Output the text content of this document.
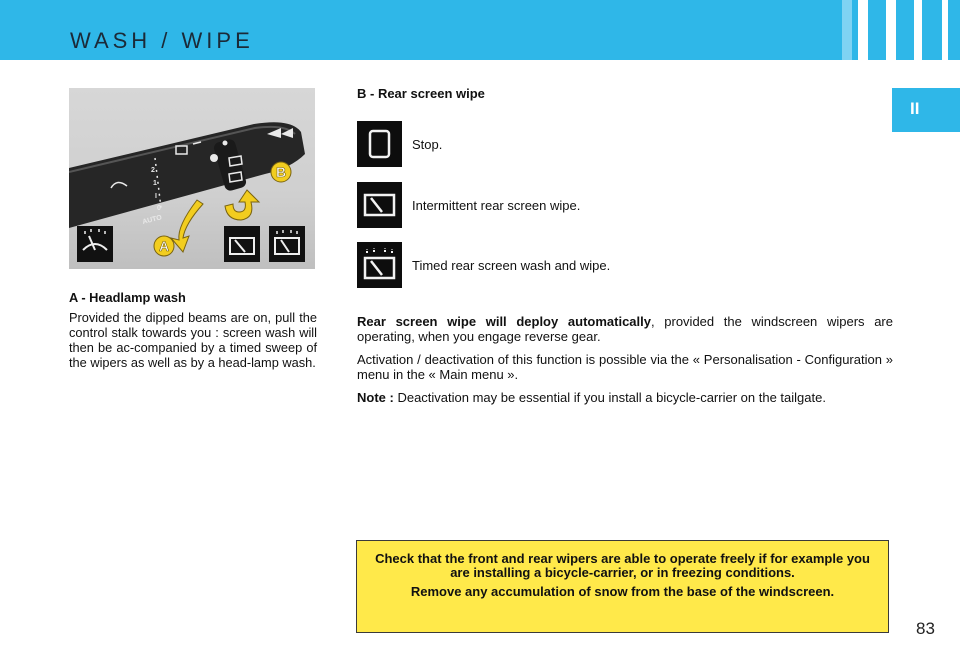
WASH / WIPE
II
2
1
I
0
AUTO
B
A
A - Headlamp wash

Provided the dipped beams are on, pull the control stalk towards you : screen wash will then be ac-companied by a timed sweep of the wipers as well as by a head-lamp wash.

B - Rear screen wipe
Stop.
Intermittent rear screen wipe.
Timed rear screen wash and wipe.

Rear screen wipe will deploy automatically, provided the windscreen wipers are operating, when you engage reverse gear.

Activation / deactivation of this function is possible via the « Personalisation - Configuration » menu in the « Main menu ».

Note : Deactivation may be essential if you install a bicycle-carrier on the tailgate.

Check that the front and rear wipers are able to operate freely if for example you are installing a bicycle-carrier, or in freezing conditions.

Remove any accumulation of snow from the base of the windscreen.

83
